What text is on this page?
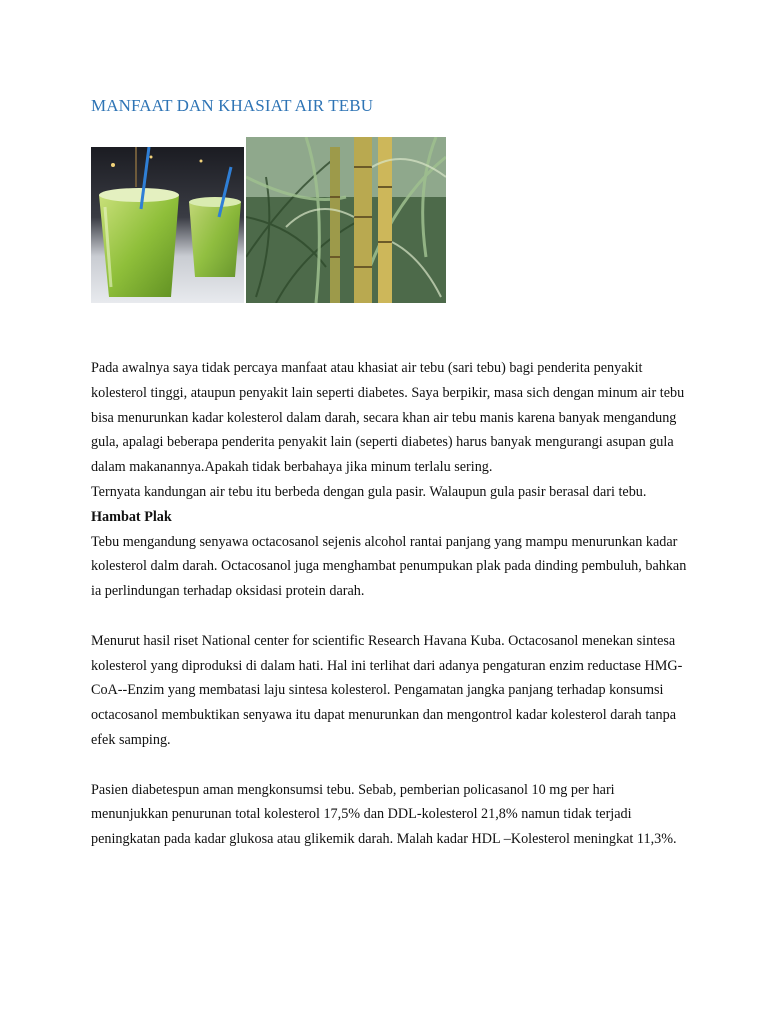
MANFAAT DAN KHASIAT AIR TEBU

Pada awalnya saya tidak percaya manfaat atau khasiat air tebu (sari tebu) bagi penderita penyakit kolesterol tinggi, ataupun penyakit lain seperti diabetes. Saya berpikir, masa sich dengan minum air tebu bisa menurunkan kadar kolesterol dalam darah, secara khan air tebu manis karena banyak mengandung gula, apalagi beberapa penderita penyakit lain (seperti diabetes) harus banyak mengurangi asupan gula dalam makanannya.Apakah tidak berbahaya jika minum terlalu sering.

Ternyata kandungan air tebu itu berbeda dengan gula pasir. Walaupun gula pasir berasal dari tebu.

Hambat Plak

Tebu mengandung senyawa octacosanol sejenis alcohol rantai panjang yang mampu menurunkan kadar kolesterol dalm darah. Octacosanol juga menghambat penumpukan plak pada dinding pembuluh, bahkan ia perlindungan terhadap oksidasi protein darah.

Menurut hasil riset National center for scientific Research Havana Kuba. Octacosanol menekan sintesa kolesterol yang diproduksi di dalam hati. Hal ini terlihat dari adanya pengaturan enzim reductase HMG-CoA--Enzim yang membatasi laju sintesa kolesterol. Pengamatan jangka panjang terhadap konsumsi octacosanol membuktikan senyawa itu dapat menurunkan dan mengontrol kadar kolesterol darah tanpa efek samping.

Pasien diabetespun aman mengkonsumsi tebu. Sebab, pemberian policasanol 10 mg per hari menunjukkan penurunan total kolesterol 17,5% dan DDL-kolesterol 21,8% namun tidak terjadi peningkatan pada kadar glukosa atau glikemik darah. Malah kadar HDL –Kolesterol meningkat 11,3%.
